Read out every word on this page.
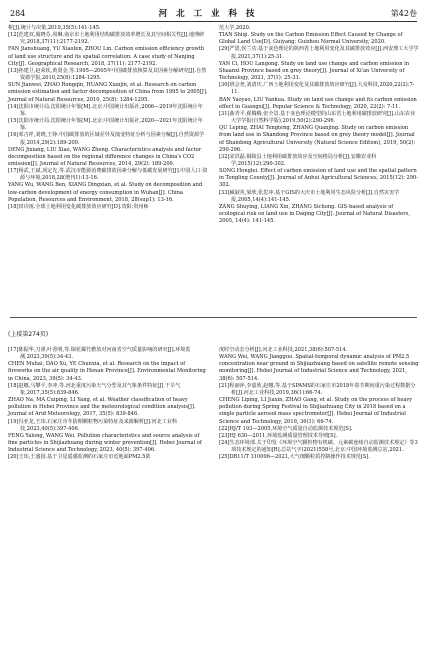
284	河 北 工 业 科 技	第42卷

析[J].统计与决策,2019,35(5):141-145.

[12]范建双,虞晓芬,周琳.南京市土地利用结构碳排放效率增长及其空间相关性[J].地理研究,2018,37(11):2177-2192.

FAN Jianshuang, YU Xiaofen, ZHOU Lin. Carbon emission efficiency growth of land use structure and its spatial correlation: A case study of Nanjing City[J]. Geographical Research, 2018, 37(11): 2177-2192.

[13]孙建卫,赵荣钦,黄贤金,等.1995—2005年中国碳排放核算及其因素分解研究[J].自然资源学报,2010,25(8):1284-1295.

SUN Jianwei, ZHAO Rongqin, HUANG Xianjin, et al. Research on carbon emission estimation and factor decomposition of China from 1995 to 2005[J]. Journal of Natural Resources, 2010, 25(8): 1284-1295.

[14]沈阳市统计局.沈阳统计年鉴[M].北京:中国统计出版社,2006—2019年沈阳统计年鉴.

[15]沈阳市统计局.沈阳统计年鉴[M].北京:中国统计出版社,2020—2021年沈阳统计年鉴.

[16]邓吉祥,刘晓,王铮.中国碳排放的区域差异及演变特征分析与因素分解[J].自然资源学报,2014,29(2):189-200.

DENG Jixiang, LIU Xiao, WANG Zheng. Characteristics analysis and factor decomposition based on the regional difference changes in China's CO2 emission[J]. Journal of Natural Resources, 2014, 29(2): 189-200.

[17]杨武,王斌,项定先,等.武汉市能源消费碳排放因素分解与低碳发展研究[J].中国人口·资源与环境,2018,28(增刊1):13-16.

YANG Wu, WANG Ben, XIANG Dingxian, et al. Study on decomposition and low-carbon development of energy consumption in Wuhan[J]. China Population, Resources and Environment, 2018, 28(sup1): 13-16.

[18]田诗雨.全球土地利用变化碳排放效应研究[D].贵阳:贵州师

范大学,2020.

TIAN Shiqi. Study on the Carbon Emission Effect Caused by Change of Global Land Use[D]. Guiyang: Guizhou Normal University, 2020.

[29]严恩,侯兰功.基于灰色理论的陕西省土地利用变化及其碳排放效应[J].西安理工大学学报,2021,37(1):25-31.

YAN Ci, HOU Langong. Study on land use change and carbon emission in Shaanxi Province based on grey theory[J]. Journal of Xi'an University of Technology, 2021, 37(1): 25-31.

[30]班会尧,刘清庆.广西土地利用变化及其碳排放效应研究[J].大众科技,2020,22(2):7-11.

BAN Yaoyao, LIU Yanhua. Study on land use change and its carbon emission effect in Guangxi[J]. Popular Science & Technology, 2020, 22(2): 7-11.

[31]曲青平,翟腾腾,张全景.基于灰色理论模型的山东省土地利用碳排放研究[J].山东农业大学学报(自然科学版),2019,50(2):290-296.

QU Leping, ZHAI Tengteng, ZHANG Quanjing. Study on carbon emission from land use in Shandong Province based on grey theory model[J]. Journal of Shandong Agricultural University (Natural Science Edition), 2019, 50(2): 290-296.

[32]宋洪磊.铜陵县土地利用碳排放效应及空间格局分析[J].安徽农业科学,2015(12):290-302.

SONG Honglei. Effect of carbon emission of land use and the spatial pattern in Tongling County[J]. Journal of Anhui Agricultural Sciences, 2015(12): 290-302.

[33]臧淑英,梁欣,张思冲.基于GIS的大庆市土地利用生态风险分析[J].自然灾害学报,2005,14(4):141-145.

ZANG Shuying, LIANG Xin, ZHANG Sichong. GIS-based analysis of ecological risk on land use in Daqing City[J]. Journal of Natural Disasters, 2005, 14(4): 141-145.

(上接第274页)

[17]陈振华,刀谬,叶香明,等.烟花爆竹燃放对河南省空气质量影响的研究[J].环境监测,2023,39(5):34-43.

CHEN Muhai, DAO Xu, YE Chunxia, et al. Research on the impact of fireworks on the air quality in Henan Province[J]. Environmental Monitoring in China, 2023, 39(5): 34-43.

[18]赵娜,马攀平,李冲,等.河北重度污染天气分型及其气象条件特征[J].干旱气象,2017,35(5):839-846.

ZHAO Na, MA Cuiping, LI Yang, et al. Weather classification of heavy pollution in Hebei Province and the meteorological condition analysis[J]. Journal of Arid Meteorology, 2017, 35(5): 839-846.

[19]冯亚龙,王玮.石家庄市冬防期颗粒物污染特征及来源解析[J].河北工业科技,2023,40(5):397-406.

FENG Yalong, WANG Wei. Pollution characteristics and source analysis of fine particles in Shijiazhuang during winter prevention[J]. Hebei Journal of Industrial Science and Technology, 2023, 40(5): 397-406.

[20]王玮,王盛国.基于卫星遥感监测的石家庄市近地面PM2.5浓

度时空动态分析[J].河北工业科技,2021,38(6):507-514.

WANG Wei, WANG Jiangguo. Spatial-temporal dynamic analysis of PM2.5 concentration near ground in Shijiazhuang based on satellite remote sensing monitoring[J]. Hebei Journal of Industrial Science and Technology, 2021, 38(6): 507-514.

[21]程丽萍,李嘉欣,赵娜,等.基于SPAMS的石家庄市2018年春节期间重污染过程数据分析[J].河北工业科技,2019,36(1):66-74.

CHENG Liping, LI Jiaxin, ZHAO Gang, et al. Study on the process of heavy pollution during Spring Festival in Shijiazhuang City in 2018 based on a single particle aerosol mass spectrometer[J]. Hebei Journal of Industrial Science and Technology, 2019, 36(1): 66-74.

[22]HJ/T 193—2005,环境空气质量自动监测技术规范[S].

[23]HJ 630—2011,环境监测质量管理技术导则[S].

[24]生态环境部.关于印发《环境空气颗粒物有机碳、元素碳连续自动监测技术规定》等3项技术规定的通知[R].总站气字(2021)558号,北京:中国环境监测总站,2021.

[25]DB11/T 310006—2021,大气细颗粒质控制操作技术规范[S].
